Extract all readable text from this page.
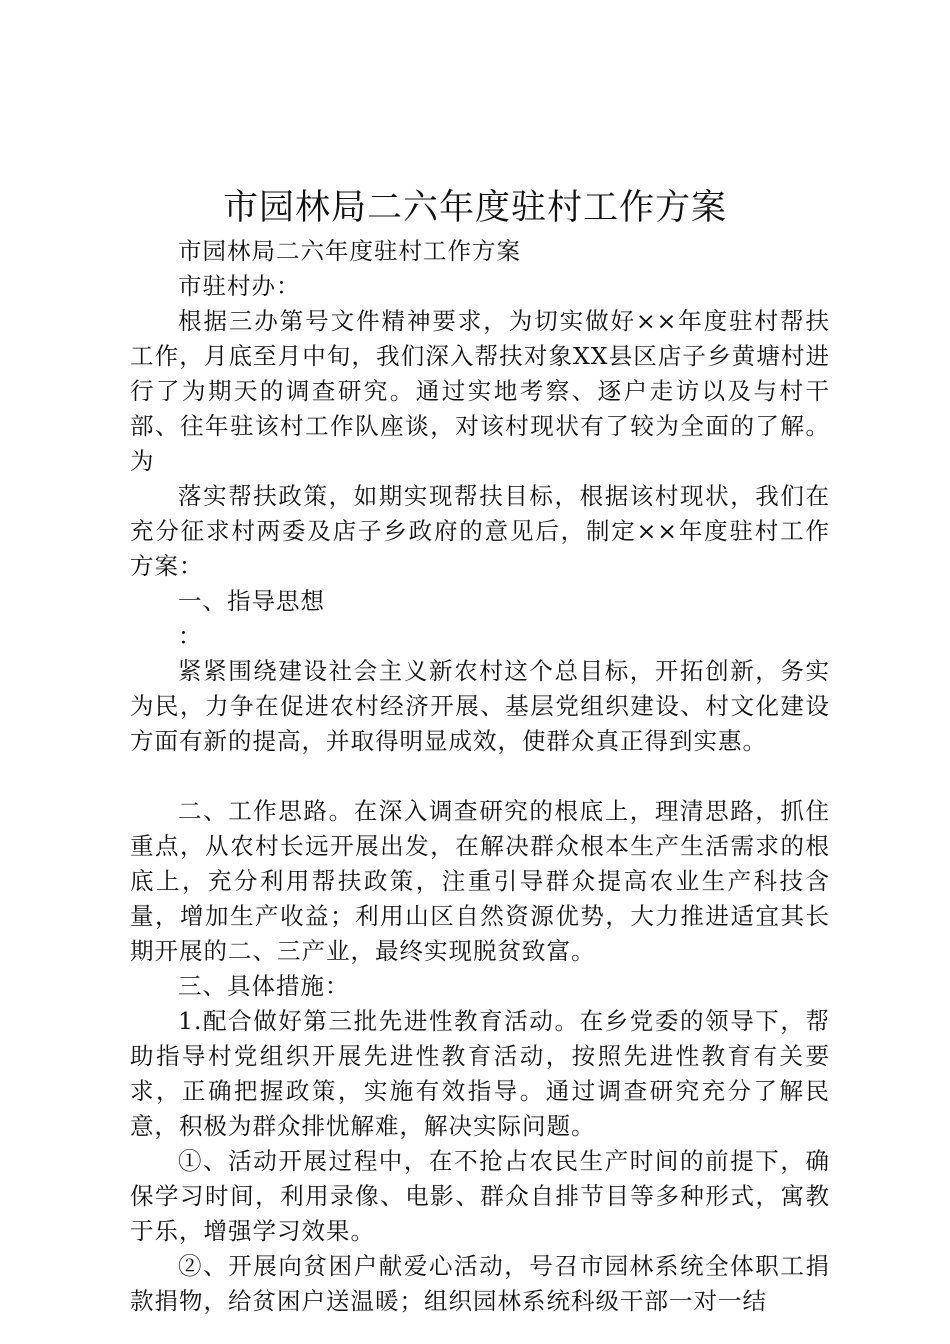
市园林局二六年度驻村工作方案

市园林局二六年度驻村工作方案

市驻村办：

根据三办第号文件精神要求，为切实做好××年度驻村帮扶工作，月底至月中旬，我们深入帮扶对象XX县区店子乡黄塘村进行了为期天的调查研究。通过实地考察、逐户走访以及与村干部、往年驻该村工作队座谈，对该村现状有了较为全面的了解。为

落实帮扶政策，如期实现帮扶目标，根据该村现状，我们在充分征求村两委及店子乡政府的意见后，制定××年度驻村工作方案：

一、指导思想

：

紧紧围绕建设社会主义新农村这个总目标，开拓创新，务实为民，力争在促进农村经济开展、基层党组织建设、村文化建设方面有新的提高，并取得明显成效，使群众真正得到实惠。

二、工作思路。在深入调查研究的根底上，理清思路，抓住重点，从农村长远开展出发，在解决群众根本生产生活需求的根底上，充分利用帮扶政策，注重引导群众提高农业生产科技含量，增加生产收益；利用山区自然资源优势，大力推进适宜其长期开展的二、三产业，最终实现脱贫致富。

三、具体措施：

1.配合做好第三批先进性教育活动。在乡党委的领导下，帮助指导村党组织开展先进性教育活动，按照先进性教育有关要求，正确把握政策，实施有效指导。通过调查研究充分了解民意，积极为群众排忧解难，解决实际问题。

①、活动开展过程中，在不抢占农民生产时间的前提下，确保学习时间，利用录像、电影、群众自排节目等多种形式，寓教于乐，增强学习效果。

②、开展向贫困户献爱心活动，号召市园林系统全体职工捐款捐物，给贫困户送温暖；组织园林系统科级干部一对一结
